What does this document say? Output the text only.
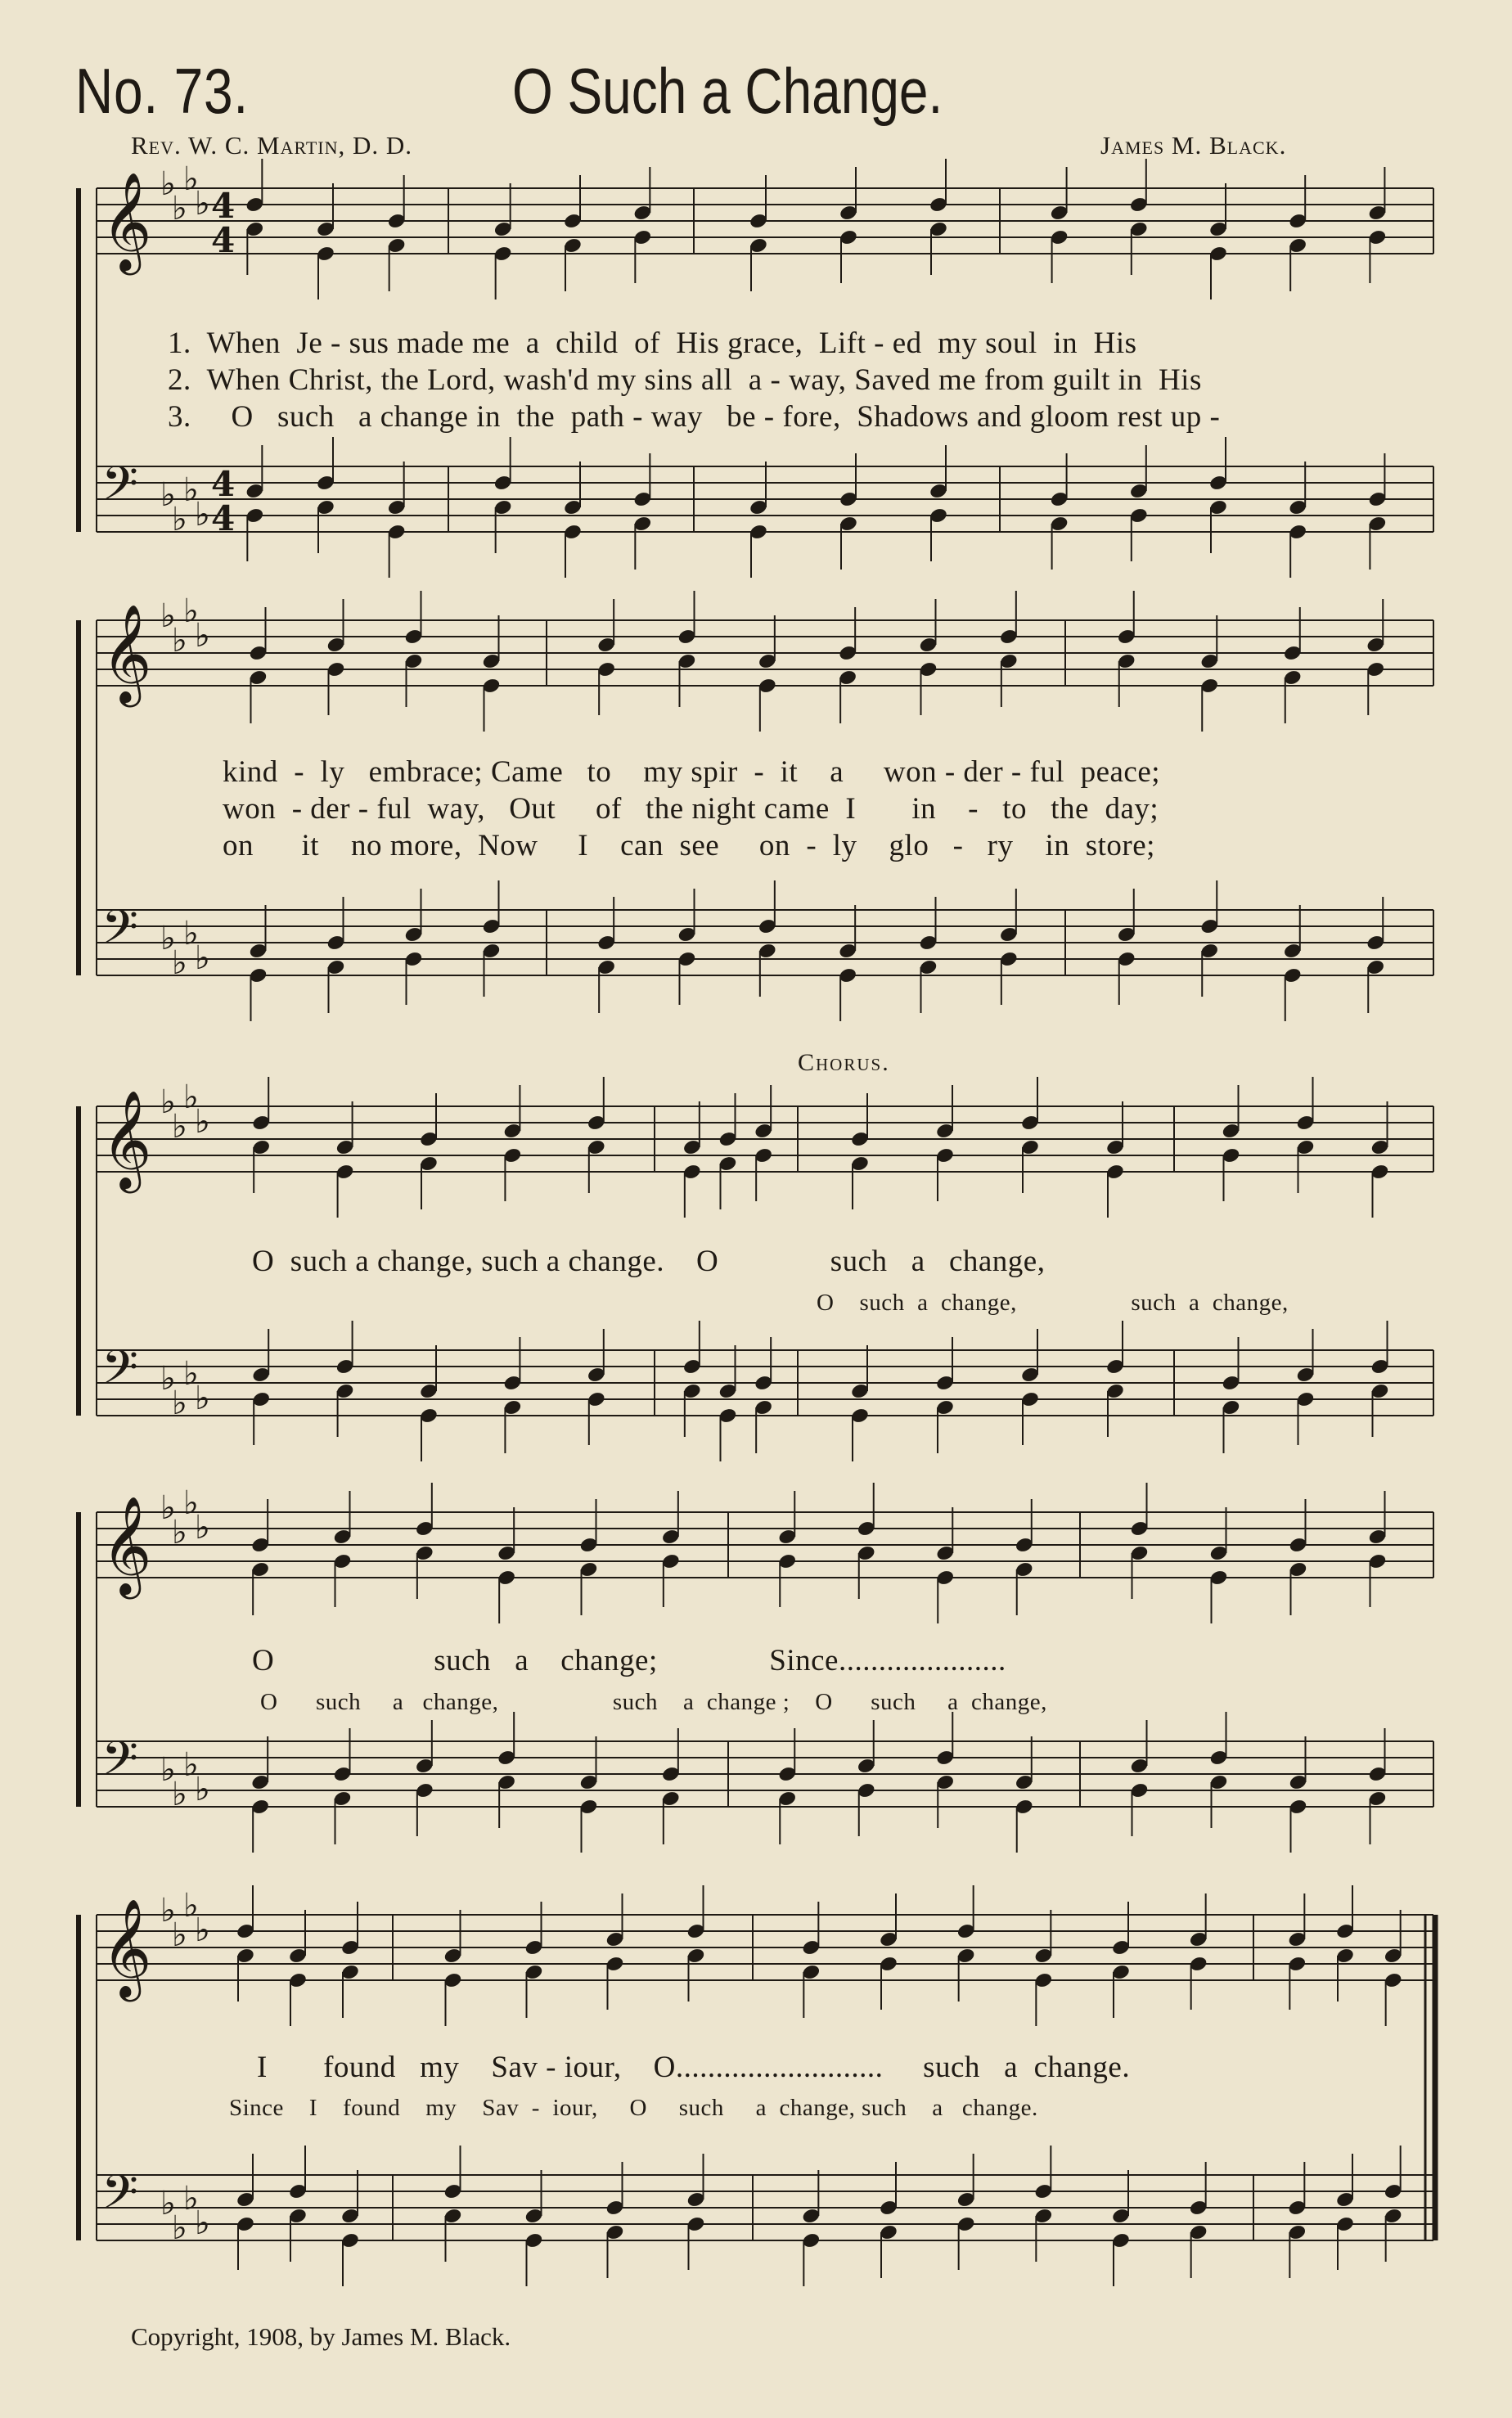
No. 73.	O Such a Change.
Rev. W. C. Martin, D. D.	James M. Black.
𝄞 ♭
♭
♭
♭
𝄢 ♭
♭
♭
♭
𝄞 ♭
♭
♭
♭
𝄢 ♭
♭
♭
♭
𝄞 ♭
♭
♭
♭
𝄢 ♭
♭
♭
♭
𝄞 ♭
♭
♭
♭
𝄢 ♭
♭
♭
♭
𝄞 ♭
♭
♭
♭
𝄢 ♭
♭
♭
♭
4
4
4
4
1.  When  Je - sus made me  a  child  of  His grace,  Lift - ed  my soul  in  His
2.  When Christ, the Lord, wash'd my sins all  a - way, Saved me from guilt in  His
3.     O   such   a change in  the  path - way   be - fore,  Shadows and gloom rest up -
kind  -  ly   embrace; Came   to    my spir  -  it    a     won - der - ful  peace;
won  - der - ful  way,   Out     of   the night came  I       in    -   to   the  day;
on      it    no more,  Now     I    can  see     on  -  ly    glo   -   ry    in  store;
Chorus.
O  such a change, such a change.    O              such   a   change,
O    such  a  change,                  such  a  change,
O                    such   a    change;              Since.....................
O      such     a   change,                  such    a  change ;    O      such     a  change,
I       found   my    Sav - iour,    O..........................     such   a  change.
Since    I    found    my    Sav  -  iour,     O     such     a  change, such    a   change.
Copyright, 1908, by James M. Black.
